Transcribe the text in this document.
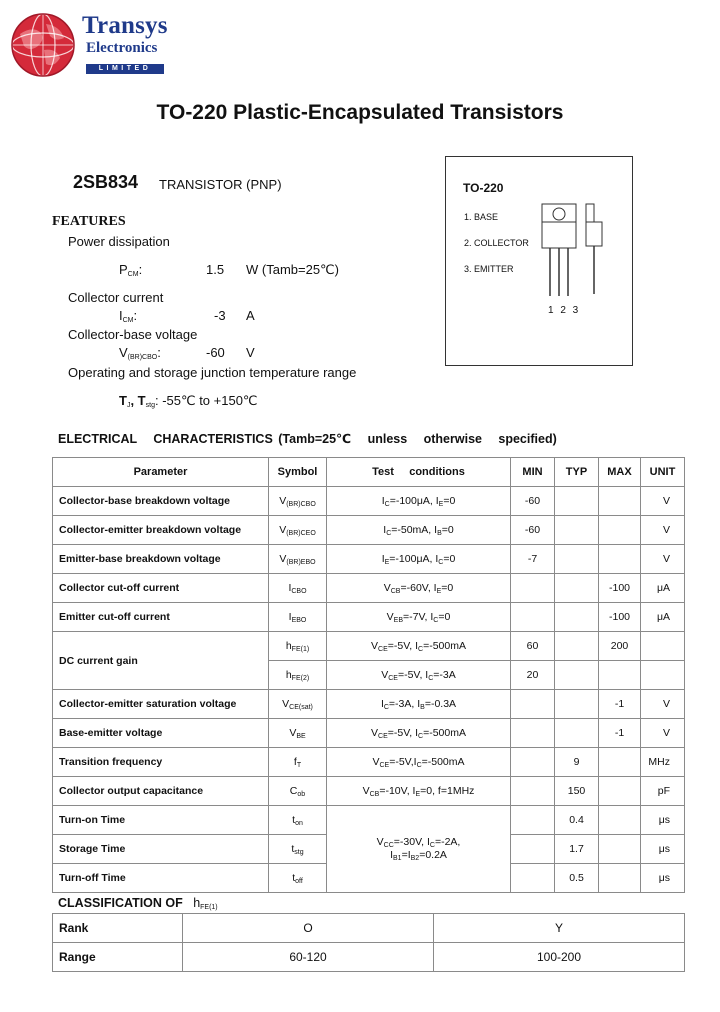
Transys
Electronics
LIMITED
TO-220 Plastic-Encapsulated Transistors
2SB834 TRANSISTOR (PNP)
FEATURES
Power dissipation
$P_{CM}$:	1.5 W (Tamb=25℃)
Collector current
$I_{CM}$:	-3 A
Collector-base voltage
$V_{(BR)CBO}$:	-60 V
Operating and storage junction temperature range
$T_J$, $T_{stg}$: -55℃ to +150℃
TO-220
1. BASE
2. COLLECTOR
3. EMITTER
1 2 3
ELECTRICAL   CHARACTERISTICS (Tamb=25℃   unless   otherwise   specified)
Parameter	Symbol	Test     conditions	MIN	TYP	MAX	UNIT
Collector-base breakdown voltage	$V_{(BR)CBO}$	$I_C=-100\mu A$, $I_E=0$	-60			V
Collector-emitter breakdown voltage	$V_{(BR)CEO}$	$I_C=-50mA$, $I_B=0$	-60			V
Emitter-base breakdown voltage	$V_{(BR)EBO}$	$I_E=-100\mu A$, $I_C=0$	-7			V
Collector cut-off current	$I_{CBO}$	$V_{CB}=-60V$, $I_E=0$			-100	μA
Emitter cut-off current	$I_{EBO}$	$V_{EB}=-7V$, $I_C=0$			-100	μA
DC current gain	$h_{FE(1)}$	$V_{CE}=-5V$, $I_C=-500mA$	60		200	
	$h_{FE(2)}$	$V_{CE}=-5V$, $I_C=-3A$	20			
Collector-emitter saturation voltage	$V_{CE(sat)}$	$I_C=-3A$, $I_B=-0.3A$			-1	V
Base-emitter voltage	$V_{BE}$	$V_{CE}=-5V$, $I_C=-500mA$			-1	V
Transition frequency	$f_T$	$V_{CE}=-5V,I_C=-500mA$		9		MHz
Collector output capacitance	$C_{ob}$	$V_{CB}=-10V$, $I_E=0$, f=1MHz		150		pF
Turn-on Time	$t_{on}$	$V_{CC}=-30V$, $I_C=-2A$,
$I_{B1}=I_{B2}=0.2A$		0.4		μs
Storage Time	$t_{stg}$			1.7		μs
Turn-off Time	$t_{off}$			0.5		μs
CLASSIFICATION OF $h_{FE(1)}$
Rank	O	Y
Range	60-120	100-200
